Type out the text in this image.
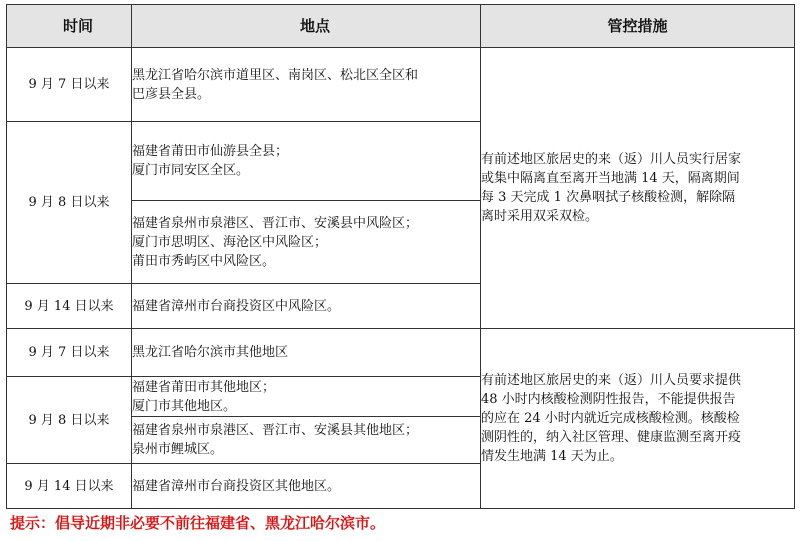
时间	地点	管控措施
9 月 7 日以来	黑龙江省哈尔滨市道里区、南岗区、松北区全区和
巴彦县全县。	有前述地区旅居史的来（返）川人员实行居家
或集中隔离直至离开当地满 14 天，隔离期间
每 3 天完成 1 次鼻咽拭子核酸检测，解除隔
离时采用双采双检。

9 月 8 日以来	福建省莆田市仙游县全县；
厦门市同安区全区。	

	福建省泉州市泉港区、晋江市、安溪县中风险区；
厦门市思明区、海沧区中风险区；
莆田市秀屿区中风险区。	

9 月 14 日以来	福建省漳州市台商投资区中风险区。	

9 月 7 日以来	黑龙江省哈尔滨市其他地区	有前述地区旅居史的来（返）川人员要求提供
48 小时内核酸检测阴性报告，不能提供报告
的应在 24 小时内就近完成核酸检测。核酸检
测阴性的，纳入社区管理、健康监测至离开疫
情发生地满 14 天为止。

9 月 8 日以来	福建省莆田市其他地区；
厦门市其他地区。	

	福建省泉州市泉港区、晋江市、安溪县其他地区；
泉州市鲤城区。	

9 月 14 日以来	福建省漳州市台商投资区其他地区。	
提示：倡导近期非必要不前往福建省、黑龙江哈尔滨市。
